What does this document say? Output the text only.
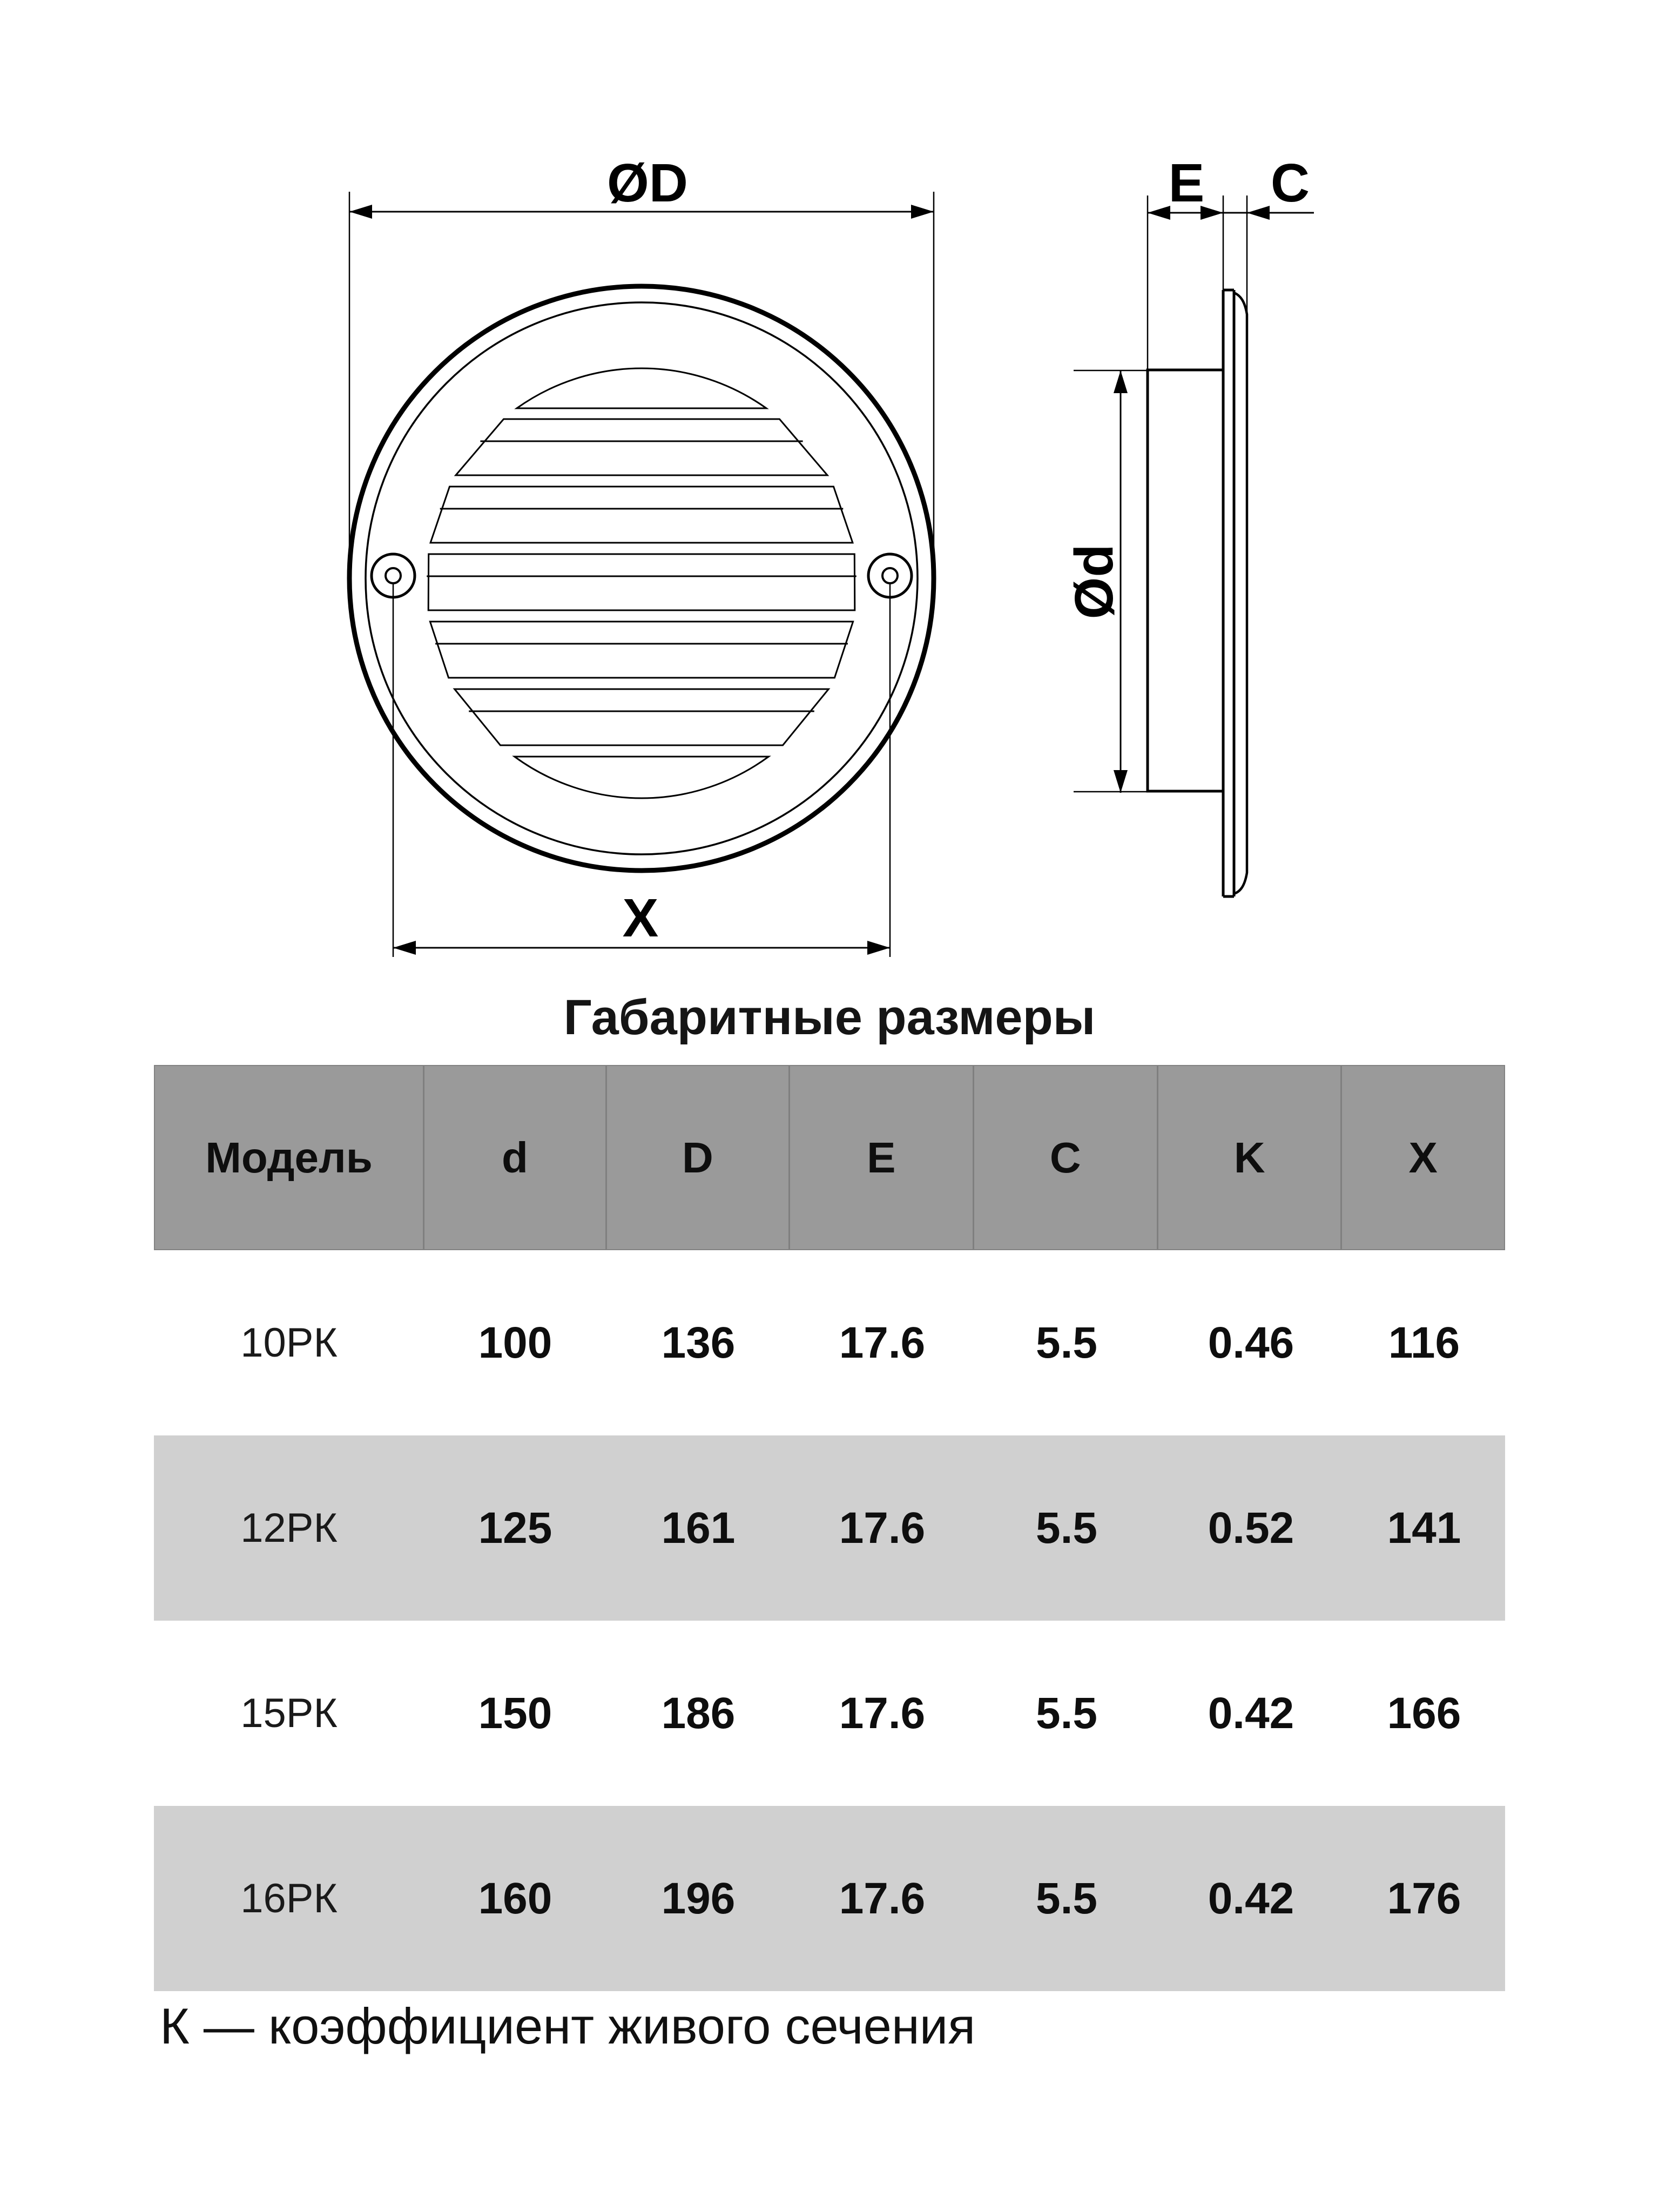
ØD
X
E C
Ød
Габаритные размеры
Модель	d	D	E	C	K	X
10РК	100	136	17.6	5.5	0.46	116
12РК	125	161	17.6	5.5	0.52	141
15РК	150	186	17.6	5.5	0.42	166
16РК	160	196	17.6	5.5	0.42	176
К — коэффициент живого сечения
